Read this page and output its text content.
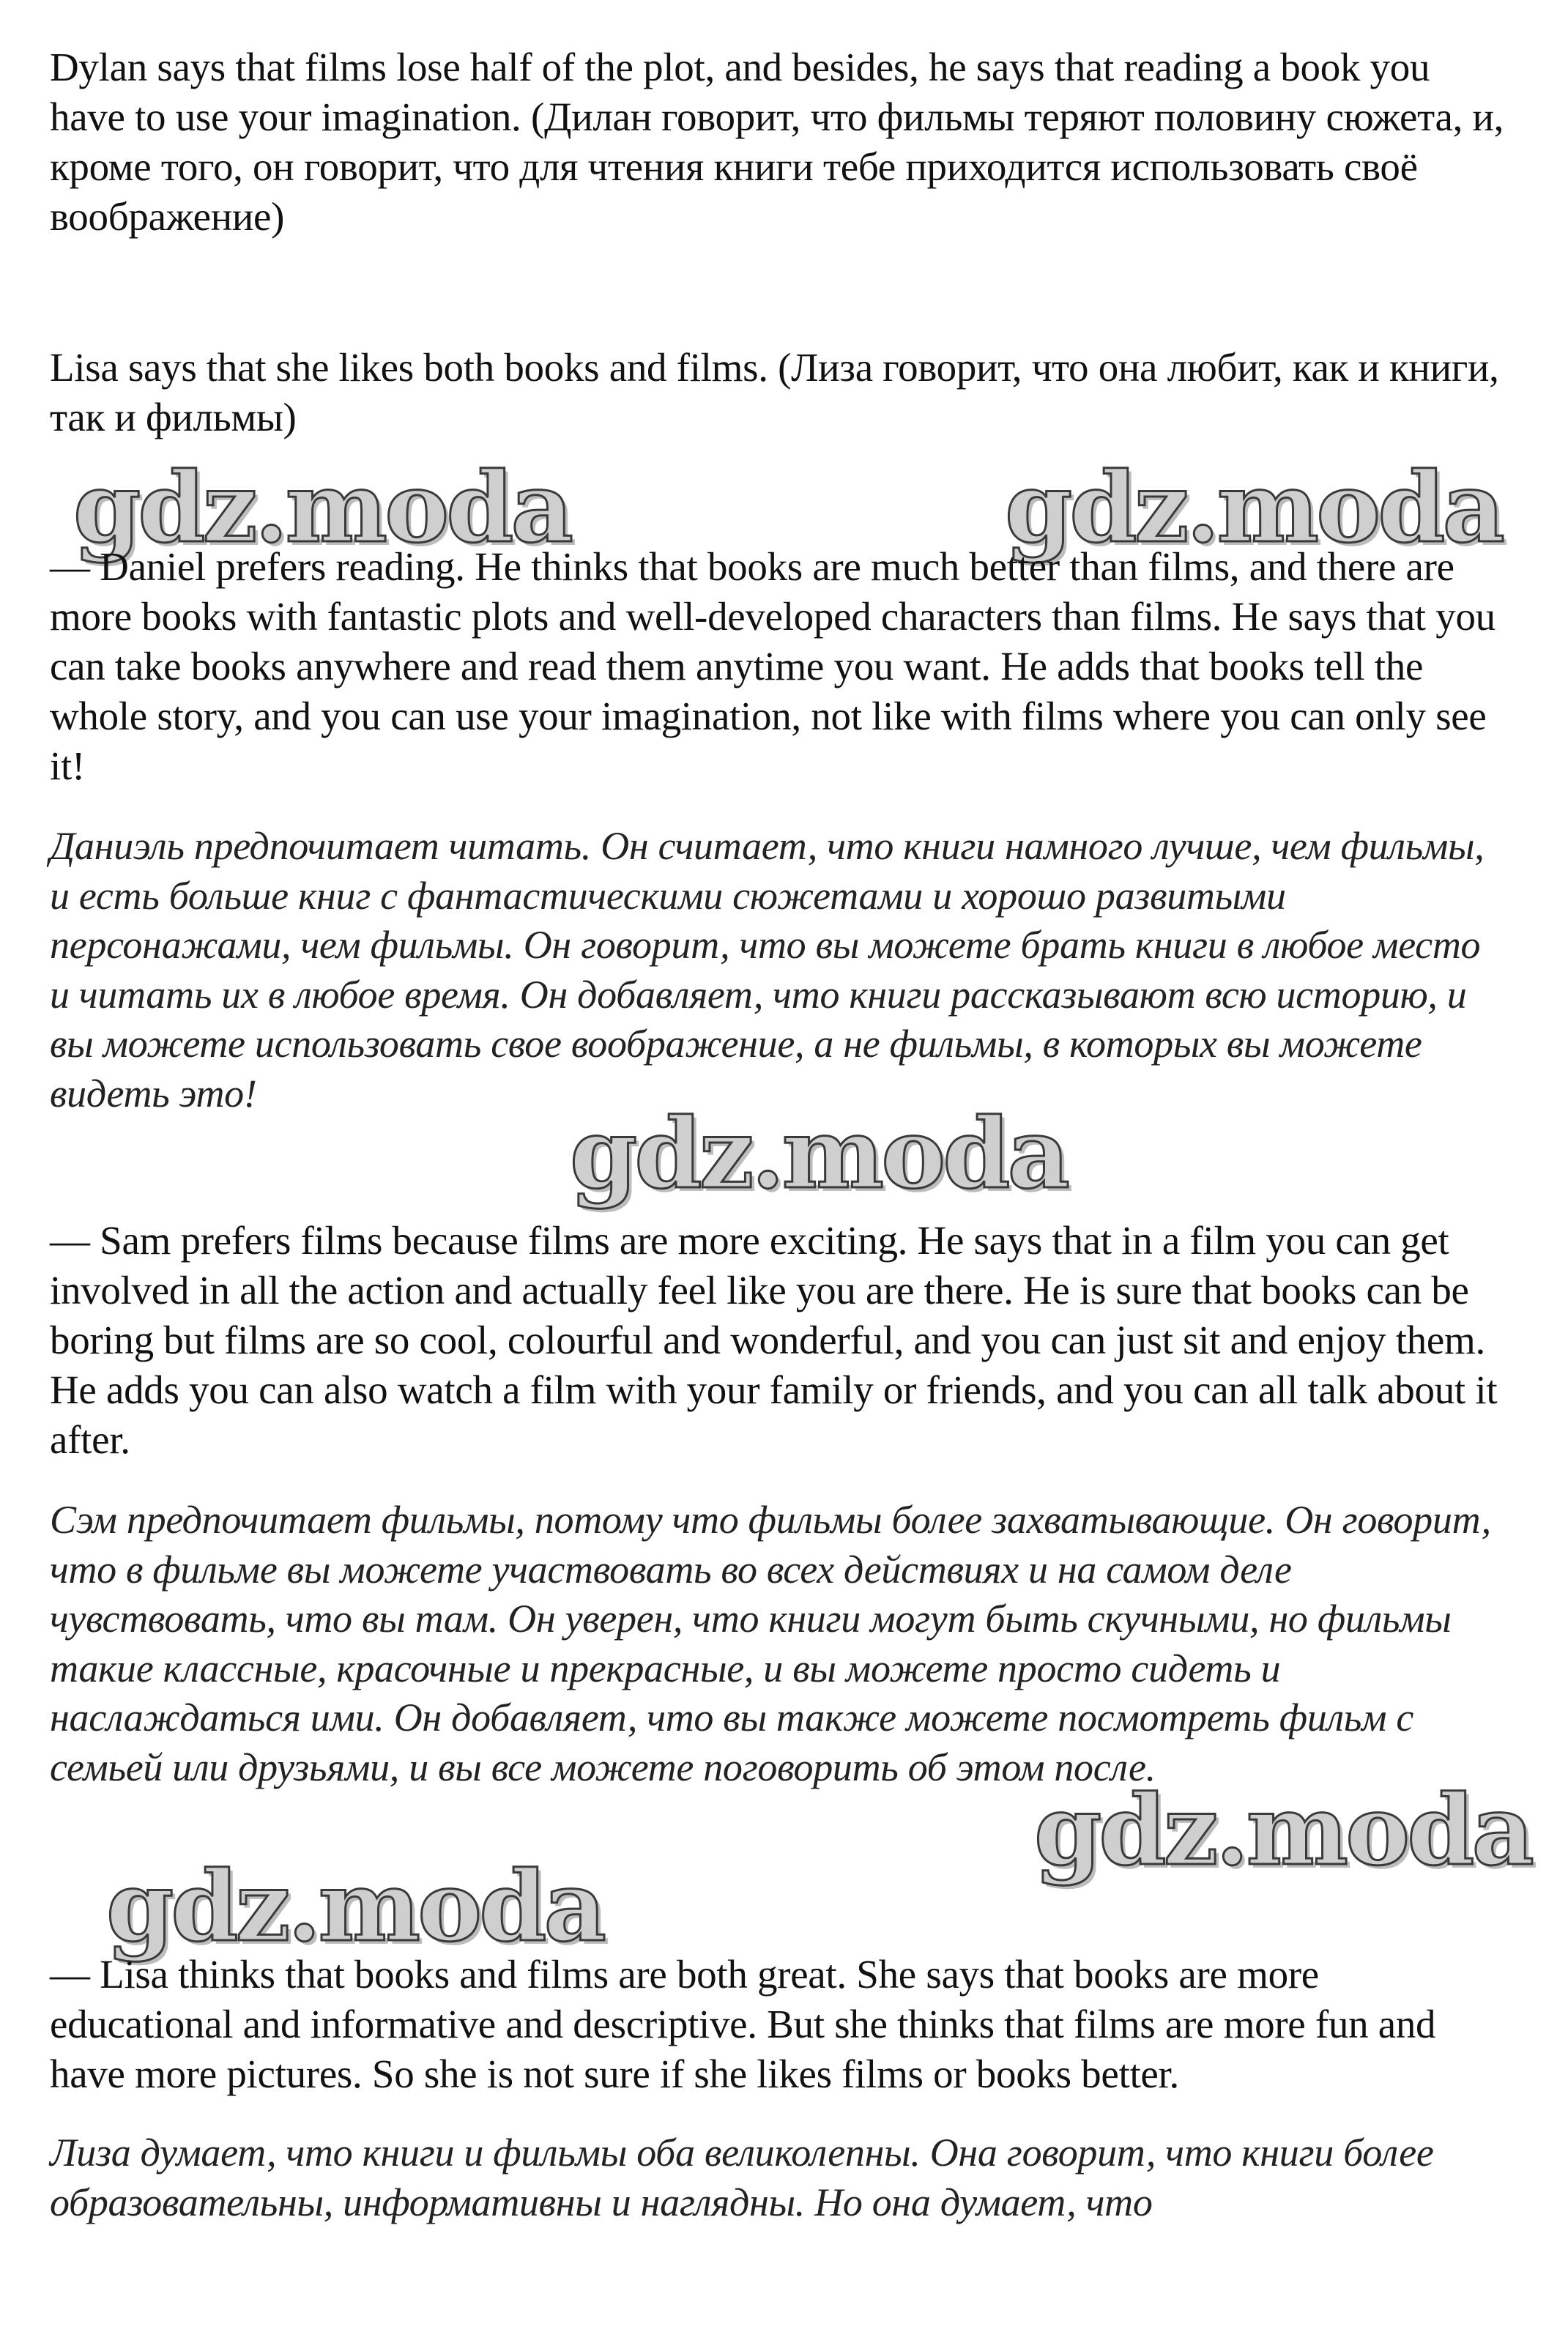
Dylan says that films lose half of the plot, and besides, he says that reading a book you have to use your imagination. (Дилан говорит, что фильмы теряют половину сюжета, и, кроме того, он говорит, что для чтения книги тебе приходится использовать своё воображение)

Lisa says that she likes both books and films. (Лиза говорит, что она любит, как и книги, так и фильмы)

gdz.moda	gdz.moda

— Daniel prefers reading. He thinks that books are much better than films, and there are more books with fantastic plots and well-developed characters than films. He says that you can take books anywhere and read them anytime you want. He adds that books tell the whole story, and you can use your imagination, not like with films where you can only see it!

Даниэль предпочитает читать. Он считает, что книги намного лучше, чем фильмы, и есть больше книг с фантастическими сюжетами и хорошо развитыми персонажами, чем фильмы. Он говорит, что вы можете брать книги в любое место и читать их в любое время. Он добавляет, что книги рассказывают всю историю, и вы можете использовать свое воображение, а не фильмы, в которых вы можете видеть это!

gdz.moda

— Sam prefers films because films are more exciting. He says that in a film you can get involved in all the action and actually feel like you are there. He is sure that books can be boring but films are so cool, colourful and wonderful, and you can just sit and enjoy them. He adds you can also watch a film with your family or friends, and you can all talk about it after.

Сэм предпочитает фильмы, потому что фильмы более захватывающие. Он говорит, что в фильме вы можете участвовать во всех действиях и на самом деле чувствовать, что вы там. Он уверен, что книги могут быть скучными, но фильмы такие классные, красочные и прекрасные, и вы можете просто сидеть и наслаждаться ими. Он добавляет, что вы также можете посмотреть фильм с семьей или друзьями, и вы все можете поговорить об этом после.

gdz.moda
gdz.moda

— Lisa thinks that books and films are both great. She says that books are more educational and informative and descriptive. But she thinks that films are more fun and have more pictures. So she is not sure if she likes films or books better.

Лиза думает, что книги и фильмы оба великолепны. Она говорит, что книги более образовательны, информативны и наглядны. Но она думает, что
